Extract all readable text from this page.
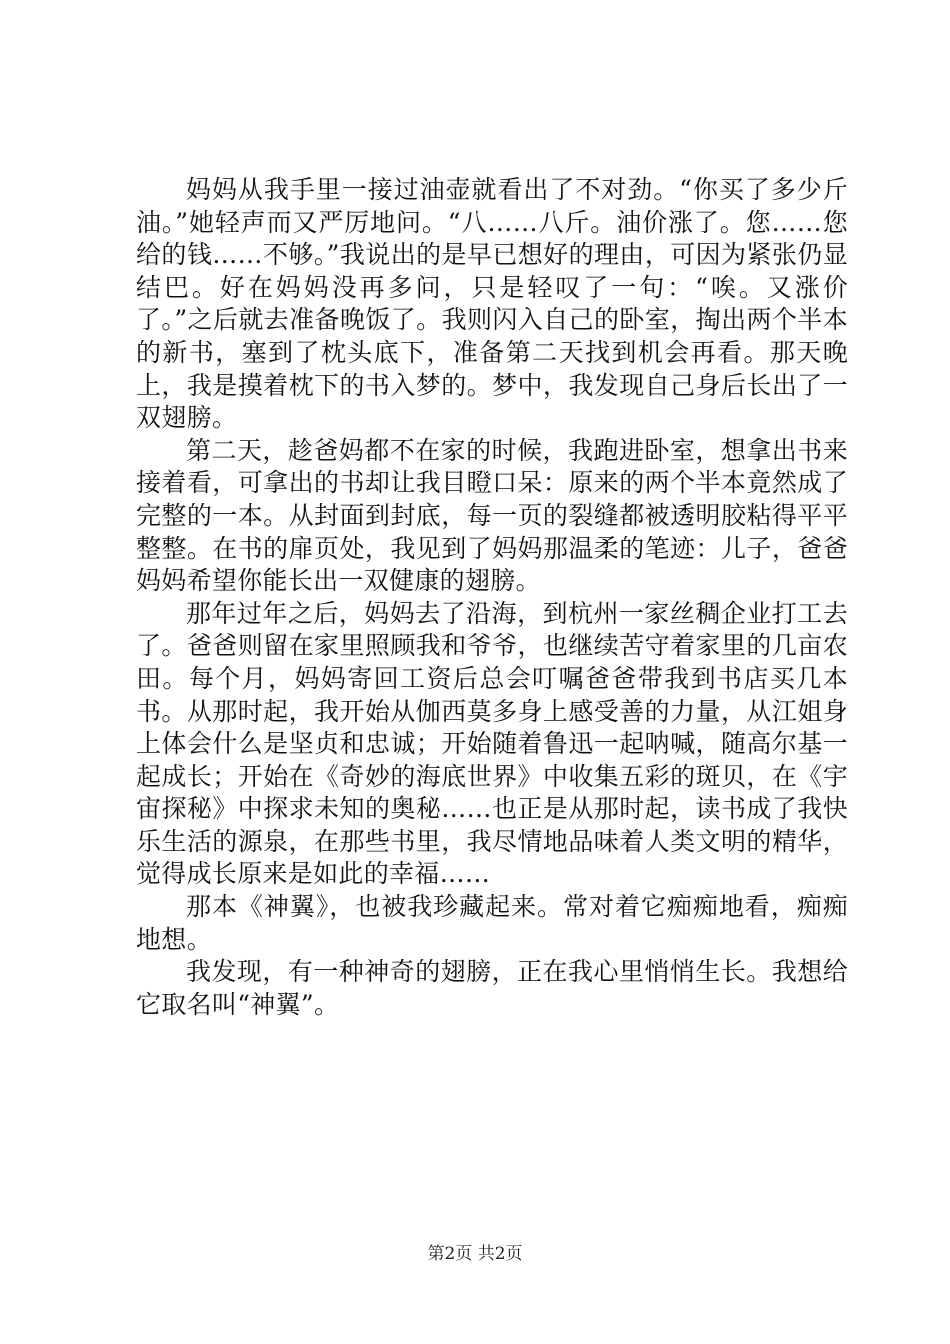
妈妈从我手里一接过油壶就看出了不对劲。“你买了多少斤油。”她轻声而又严厉地问。“八……八斤。油价涨了。您……您给的钱……不够。”我说出的是早已想好的理由，可因为紧张仍显结巴。好在妈妈没再多问，只是轻叹了一句：“唉。又涨价了。”之后就去准备晚饭了。我则闪入自己的卧室，掏出两个半本的新书，塞到了枕头底下，准备第二天找到机会再看。那天晚上，我是摸着枕下的书入梦的。梦中，我发现自己身后长出了一双翅膀。

第二天，趁爸妈都不在家的时候，我跑进卧室，想拿出书来接着看，可拿出的书却让我目瞪口呆：原来的两个半本竟然成了完整的一本。从封面到封底，每一页的裂缝都被透明胶粘得平平整整。在书的扉页处，我见到了妈妈那温柔的笔迹：儿子，爸爸妈妈希望你能长出一双健康的翅膀。

那年过年之后，妈妈去了沿海，到杭州一家丝稠企业打工去了。爸爸则留在家里照顾我和爷爷，也继续苦守着家里的几亩农田。每个月，妈妈寄回工资后总会叮嘱爸爸带我到书店买几本书。从那时起，我开始从伽西莫多身上感受善的力量，从江姐身上体会什么是坚贞和忠诚；开始随着鲁迅一起呐喊，随高尔基一起成长；开始在《奇妙的海底世界》中收集五彩的斑贝，在《宇宙探秘》中探求未知的奥秘……也正是从那时起，读书成了我快乐生活的源泉，在那些书里，我尽情地品味着人类文明的精华，觉得成长原来是如此的幸福……

那本《神翼》，也被我珍藏起来。常对着它痴痴地看，痴痴地想。

我发现，有一种神奇的翅膀，正在我心里悄悄生长。我想给它取名叫“神翼”。

第2页 共2页
